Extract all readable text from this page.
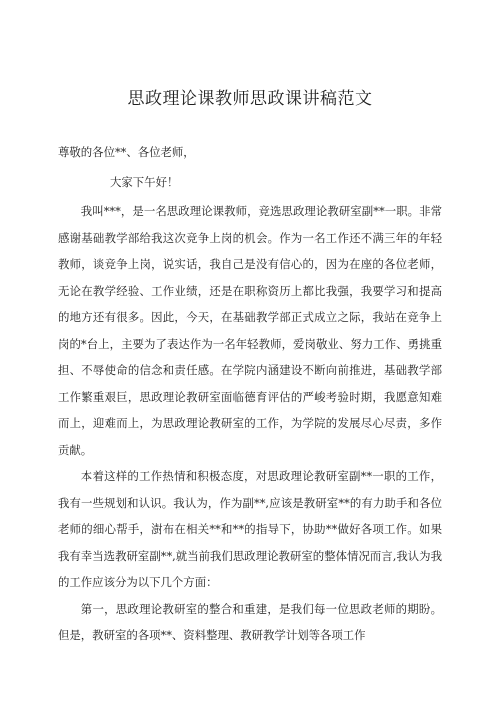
思政理论课教师思政课讲稿范文

尊敬的各位**、各位老师，

大家下午好！

我叫***，是一名思政理论课教师，竞选思政理论教研室副**一职。非常感谢基础教学部给我这次竞争上岗的机会。作为一名工作还不满三年的年轻教师，谈竞争上岗，说实话，我自己是没有信心的，因为在座的各位老师，无论在教学经验、工作业绩，还是在职称资历上都比我强，我要学习和提高的地方还有很多。因此，今天，在基础教学部正式成立之际，我站在竞争上岗的*台上，主要为了表达作为一名年轻教师，爱岗敬业、努力工作、勇挑重担、不辱使命的信念和责任感。在学院内涵建设不断向前推进，基础教学部工作繁重艰巨，思政理论教研室面临德育评估的严峻考验时期，我愿意知难而上，迎难而上，为思政理论教研室的工作，为学院的发展尽心尽责，多作贡献。

本着这样的工作热情和积极态度，对思政理论教研室副**一职的工作，我有一些规划和认识。我认为，作为副**,应该是教研室**的有力助手和各位老师的细心帮手，澍布在相关**和**的指导下，协助**做好各项工作。如果我有幸当选教研室副**,就当前我们思政理论教研室的整体情况而言,我认为我的工作应该分为以下几个方面：

第一，思政理论教研室的整合和重建，是我们每一位思政老师的期盼。但是，教研室的各项**、资料整理、教研教学计划等各项工作
